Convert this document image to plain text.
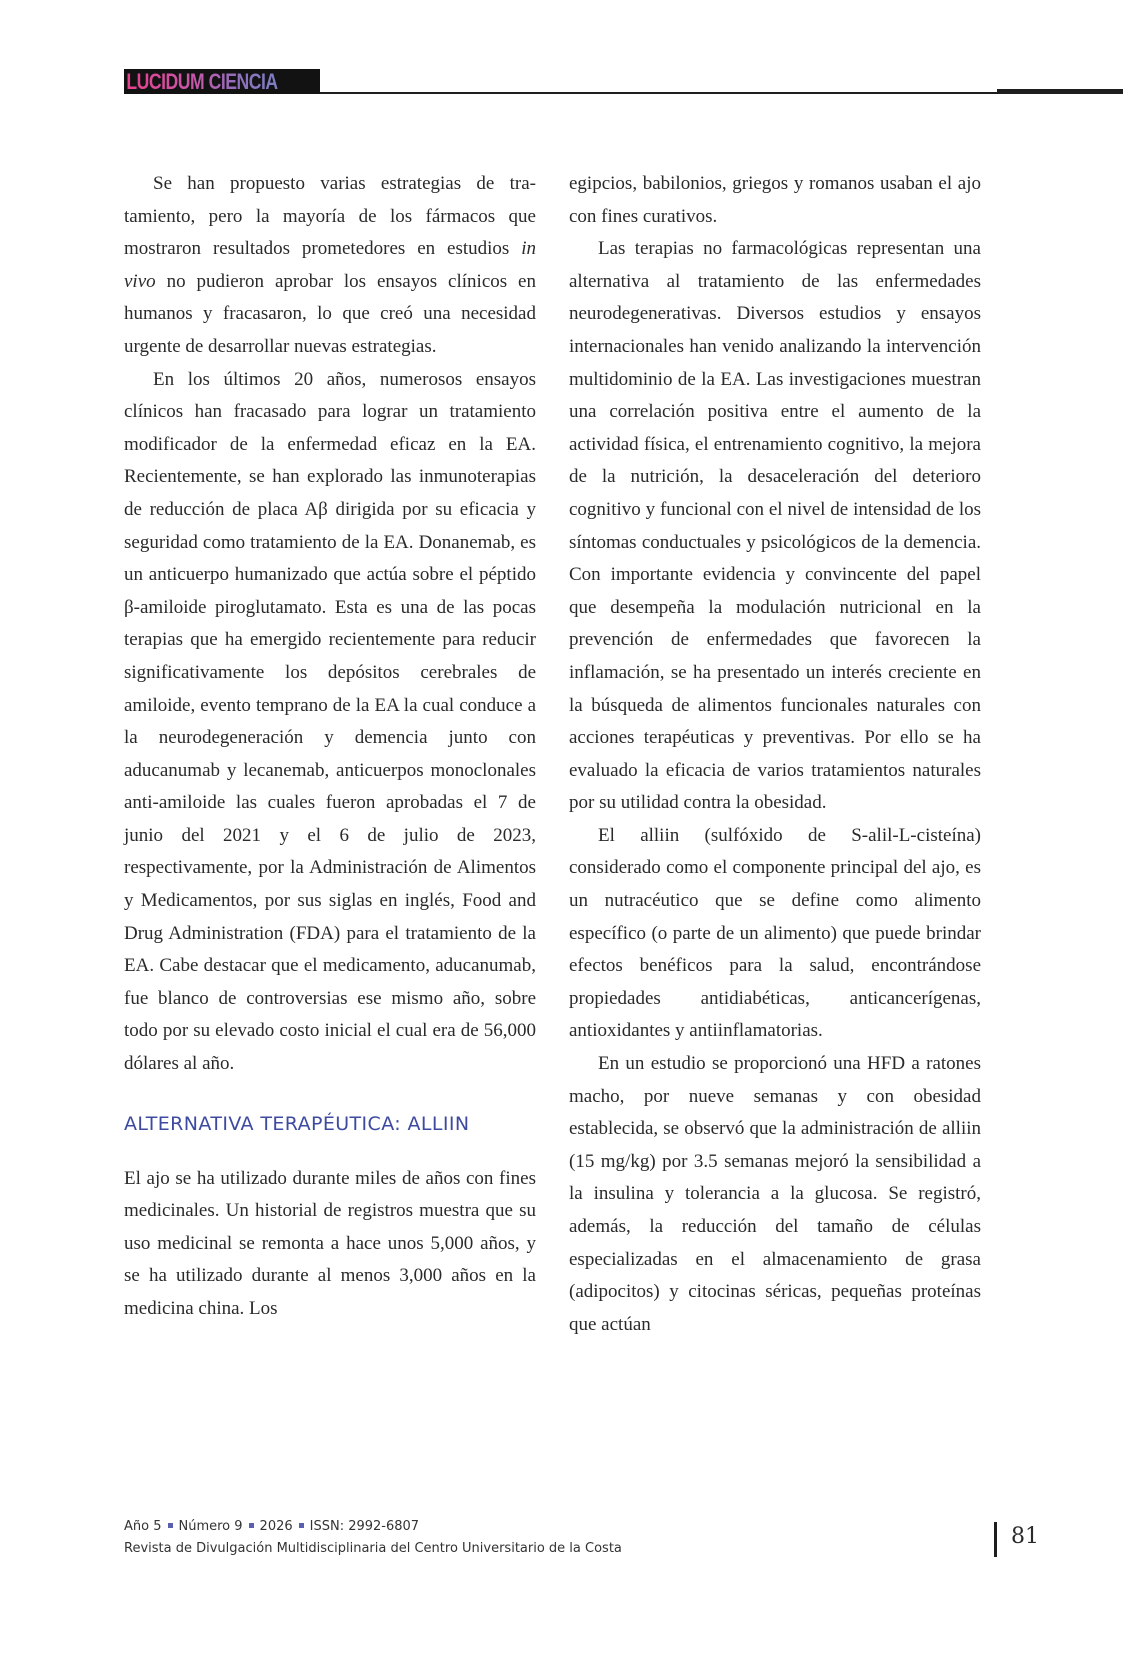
LUCIDUM CIENCIA

Se han propuesto varias estrategias de tratamiento, pero la mayoría de los fármacos que mostraron resultados prometedores en estudios in vivo no pudieron aprobar los ensayos clínicos en humanos y fracasaron, lo que creó una necesidad urgente de desarrollar nuevas estrategias.

En los últimos 20 años, numerosos ensayos clínicos han fracasado para lograr un tratamiento modificador de la enfermedad eficaz en la EA. Recientemente, se han explorado las inmunoterapias de reducción de placa Aβ dirigida por su eficacia y seguridad como tratamiento de la EA. Donanemab, es un anticuerpo humanizado que actúa sobre el péptido β-amiloide piroglutamato. Esta es una de las pocas terapias que ha emergido recientemente para reducir significativamente los depósitos cerebrales de amiloide, evento temprano de la EA la cual conduce a la neurodegeneración y demencia junto con aducanumab y lecanemab, anticuerpos monoclonales anti-amiloide las cuales fueron aprobadas el 7 de junio del 2021 y el 6 de julio de 2023, respectivamente, por la Administración de Alimentos y Medicamentos, por sus siglas en inglés, Food and Drug Administration (FDA) para el tratamiento de la EA. Cabe destacar que el medicamento, aducanumab, fue blanco de controversias ese mismo año, sobre todo por su elevado costo inicial el cual era de 56,000 dólares al año.

ALTERNATIVA TERAPÉUTICA: ALLIIN

El ajo se ha utilizado durante miles de años con fines medicinales. Un historial de registros muestra que su uso medicinal se remonta a hace unos 5,000 años, y se ha utilizado durante al menos 3,000 años en la medicina china. Los

egipcios, babilonios, griegos y romanos usaban el ajo con fines curativos.

Las terapias no farmacológicas representan una alternativa al tratamiento de las enfermedades neurodegenerativas. Diversos estudios y ensayos internacionales han venido analizando la intervención multidominio de la EA. Las investigaciones muestran una correlación positiva entre el aumento de la actividad física, el entrenamiento cognitivo, la mejora de la nutrición, la desaceleración del deterioro cognitivo y funcional con el nivel de intensidad de los síntomas conductuales y psicológicos de la demencia. Con importante evidencia y convincente del papel que desempeña la modulación nutricional en la prevención de enfermedades que favorecen la inflamación, se ha presentado un interés creciente en la búsqueda de alimentos funcionales naturales con acciones terapéuticas y preventivas. Por ello se ha evaluado la eficacia de varios tratamientos naturales por su utilidad contra la obesidad.

El alliin (sulfóxido de S-alil-L-cisteína) considerado como el componente principal del ajo, es un nutracéutico que se define como alimento específico (o parte de un alimento) que puede brindar efectos benéficos para la salud, encontrándose propiedades antidiabéticas, anticancerígenas, antioxidantes y antiinflamatorias.

En un estudio se proporcionó una HFD a ratones macho, por nueve semanas y con obesidad establecida, se observó que la administración de alliin (15 mg/kg) por 3.5 semanas mejoró la sensibilidad a la insulina y tolerancia a la glucosa. Se registró, además, la reducción del tamaño de células especializadas en el almacenamiento de grasa (adipocitos) y citocinas séricas, pequeñas proteínas que actúan

Año 5 Número 9 2026 ISSN: 2992-6807
Revista de Divulgación Multidisciplinaria del Centro Universitario de la Costa	81
